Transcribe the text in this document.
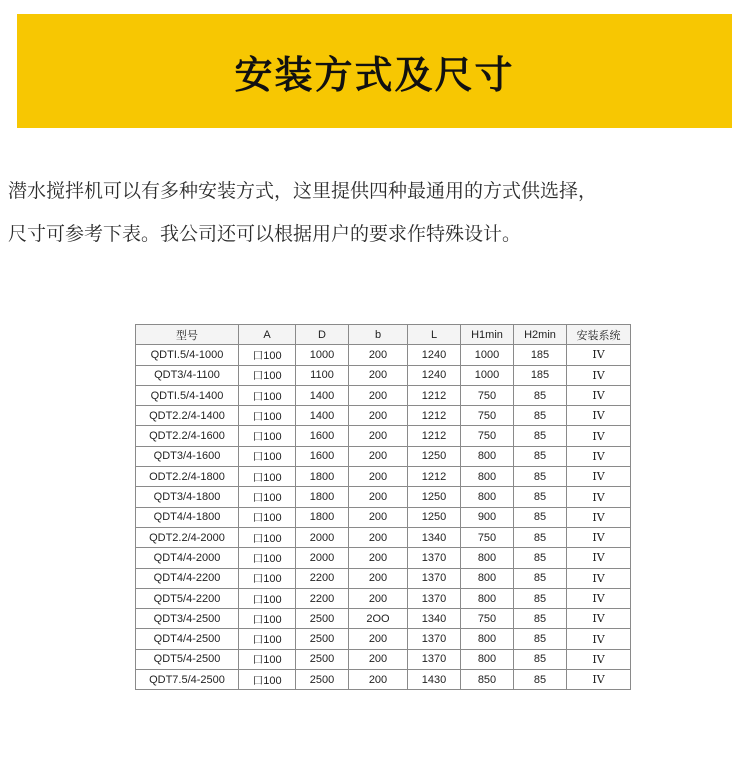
安装方式及尺寸

潜水搅拌机可以有多种安装方式，这里提供四种最通用的方式供选择，

尺寸可参考下表。我公司还可以根据用户的要求作特殊设计。

型号	A	D	b	L	H1min	H2min	安装系统
QDTI.5/4-1000	口100	1000	200	1240	1000	185	IV
QDT3/4-1100	口100	1100	200	1240	1000	185	IV
QDTI.5/4-1400	口100	1400	200	1212	750	85	IV
QDT2.2/4-1400	口100	1400	200	1212	750	85	IV
QDT2.2/4-1600	口100	1600	200	1212	750	85	IV
QDT3/4-1600	口100	1600	200	1250	800	85	IV
ODT2.2/4-1800	口100	1800	200	1212	800	85	IV
QDT3/4-1800	口100	1800	200	1250	800	85	IV
QDT4/4-1800	口100	1800	200	1250	900	85	IV
QDT2.2/4-2000	口100	2000	200	1340	750	85	IV
QDT4/4-2000	口100	2000	200	1370	800	85	IV
QDT4/4-2200	口100	2200	200	1370	800	85	IV
QDT5/4-2200	口100	2200	200	1370	800	85	IV
QDT3/4-2500	口100	2500	2OO	1340	750	85	IV
QDT4/4-2500	口100	2500	200	1370	800	85	IV
QDT5/4-2500	口100	2500	200	1370	800	85	IV
QDT7.5/4-2500	口100	2500	200	1430	850	85	IV
